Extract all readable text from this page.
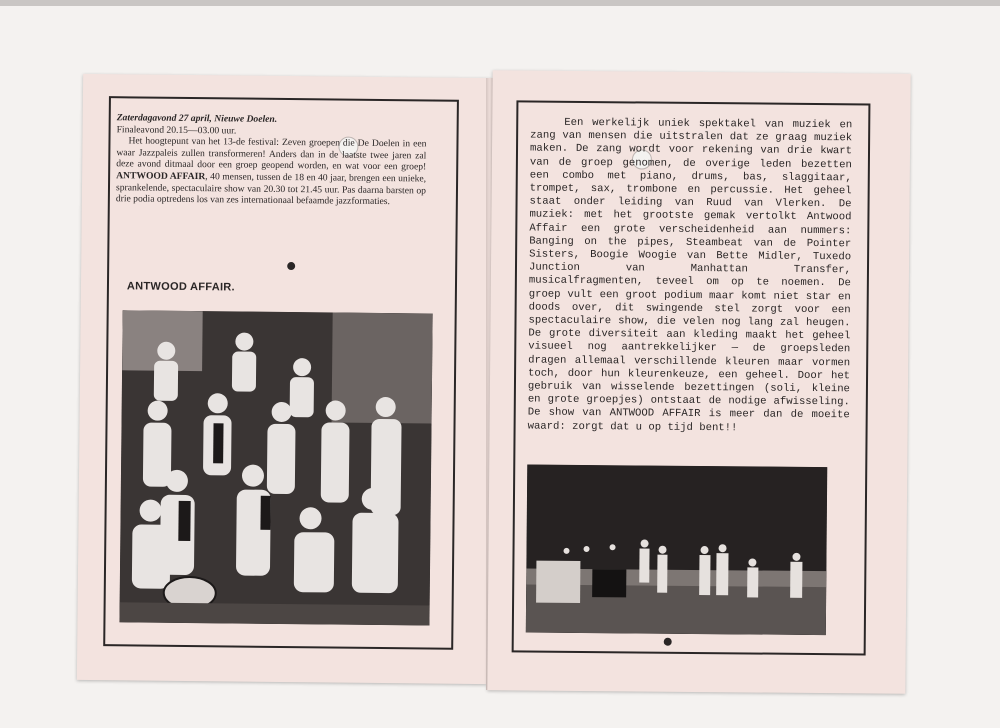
Zaterdagavond 27 april, Nieuwe Doelen.

Finaleavond 20.15—03.00 uur.

Het hoogtepunt van het 13-de festival: Zeven groepen die De Doelen in een waar Jazzpaleis zullen transformeren! Anders dan in de laatste twee jaren zal deze avond ditmaal door een groep geopend worden, en wat voor een groep! ANTWOOD AFFAIR, 40 mensen, tussen de 18 en 40 jaar, brengen een unieke, sprankelende, spectaculaire show van 20.30 tot 21.45 uur. Pas daarna barsten op drie podia optredens los van zes internationaal befaamde jazzformaties.

ANTWOOD AFFAIR.

Een werkelijk uniek spektakel van muziek en zang van mensen die uitstralen dat ze graag muziek maken. De zang wordt voor rekening van drie kwart van de groep genomen, de overige leden bezetten een combo met piano, drums, bas, slaggitaar, trompet, sax, trombone en percussie. Het geheel staat onder leiding van Ruud van Vlerken. De muziek: met het grootste gemak vertolkt Antwood Affair een grote verscheidenheid aan nummers: Banging on the pipes, Steambeat van de Pointer Sisters, Boogie Woogie van Bette Midler, Tuxedo Junction van Manhattan Transfer, musicalfragmenten, teveel om op te noemen. De groep vult een groot podium maar komt niet star en doods over, dit swingende stel zorgt voor een spectaculaire show, die velen nog lang zal heugen. De grote diversiteit aan kleding maakt het geheel visueel nog aantrekkelijker — de groepsleden dragen allemaal verschillende kleuren maar vormen toch, door hun kleurenkeuze, een geheel. Door het gebruik van wisselende bezettingen (soli, kleine en grote groepjes) ontstaat de nodige afwisseling. De show van ANTWOOD AFFAIR is meer dan de moeite waard: zorgt dat u op tijd bent!!
